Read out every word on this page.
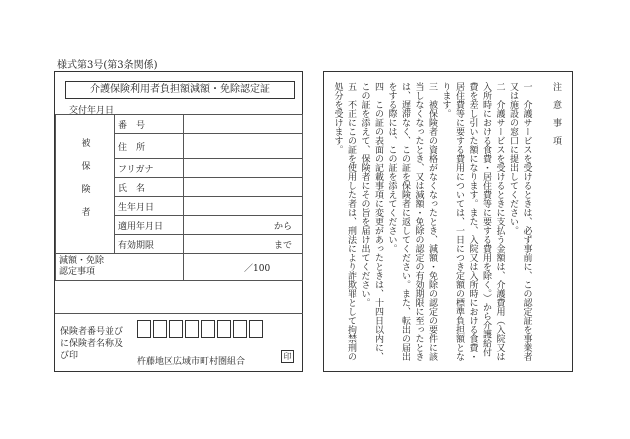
様式第3号(第3条関係)
介護保険利用者負担額減額・免除認定証
交付年月日
被保険者	番　号	
	住　所	
	フリガナ	
	氏　名	
	生年月日	
	適用年月日	から
	有効期限	まで
減額・免除
認定事項		／100
保険者番号並びに保険者名称及び印
杵藤地区広域市町村圏組合
印

注意事項

一　介護サービスを受けるときは、必ず事前に、この認定証を事業者又は施設の窓口に提出してください。

二　介護サービスを受けるときに支払う金額は、介護費用（入院又は入所時における食費・居住費等に要する費用を除く。）から介護給付費を差し引いた額になります。また、入院又は入所時における食費・居住費等に要する費用については、一日につき定額の標準負担額となります。

三　被保険者の資格がなくなったとき、減額・免除の認定の要件に該当しなくなったとき、又は減額・免除の認定の有効期限に至ったときは、遅滞なく、この証を保険者に返してください。また、転出の届出をする際には、この証を添えてください。

四　この証の表面の記載事項に変更があったときは、十四日以内に、この証を添えて、保険者にその旨を届け出てください。

五　不正にこの証を使用した者は、刑法により詐欺罪として拘禁刑の処分を受けます。
